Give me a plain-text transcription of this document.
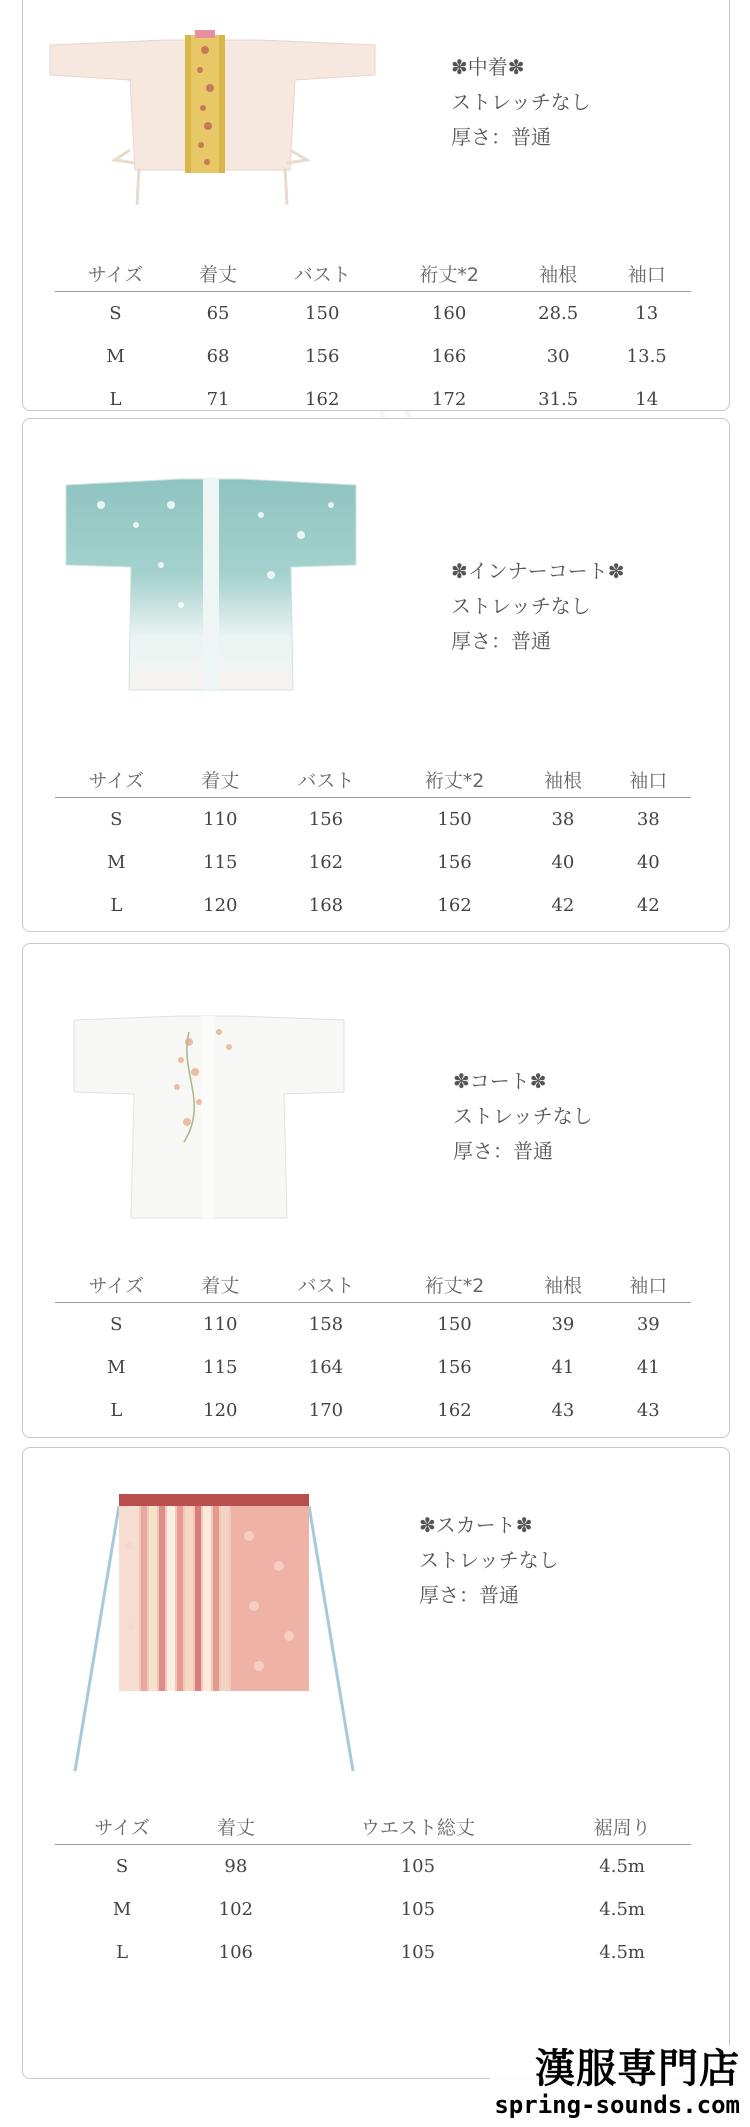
✽中着✽
ストレッチなし
厚さ：普通
サイズ	着丈	バスト	裄丈*2	袖根	袖口
S	65	150	160	28.5	13
M	68	156	166	30	13.5
L	71	162	172	31.5	14
✽インナーコート✽
ストレッチなし
厚さ：普通
サイズ	着丈	バスト	裄丈*2	袖根	袖口
S	110	156	150	38	38
M	115	162	156	40	40
L	120	168	162	42	42
✽コート✽
ストレッチなし
厚さ：普通
サイズ	着丈	バスト	裄丈*2	袖根	袖口
S	110	158	150	39	39
M	115	164	156	41	41
L	120	170	162	43	43
✽スカート✽
ストレッチなし
厚さ：普通
サイズ	着丈	ウエスト総丈	裾周り
S	98	105	4.5m
M	102	105	4.5m
L	106	105	4.5m
漢服専門店
spring-sounds.com
